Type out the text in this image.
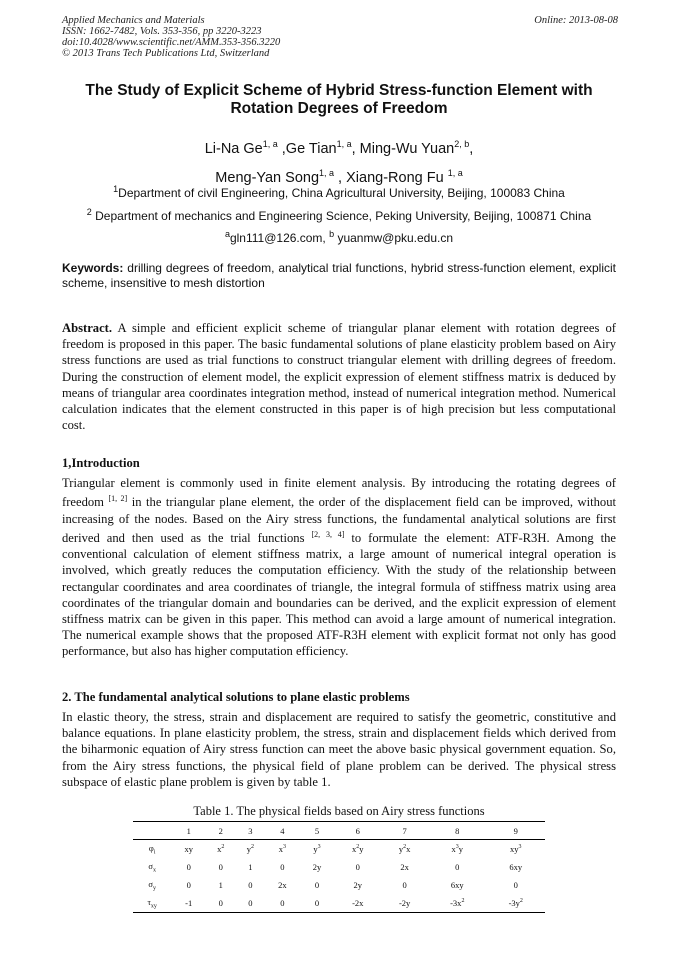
Applied Mechanics and Materials
ISSN: 1662-7482, Vols. 353-356, pp 3220-3223
doi:10.4028/www.scientific.net/AMM.353-356.3220
© 2013 Trans Tech Publications Ltd, Switzerland
Online: 2013-08-08
The Study of Explicit Scheme of Hybrid Stress-function Element with
Rotation Degrees of Freedom
Li-Na Ge$^{1, a}$ ,Ge Tian$^{1, a}$, Ming-Wu Yuan$^{2, b}$,
Meng-Yan Song$^{1, a}$ , Xiang-Rong Fu $^{1, a}$
$^1$Department of civil Engineering, China Agricultural University, Beijing, 100083 China
$^2$ Department of mechanics and Engineering Science, Peking University, Beijing, 100871 China
$^a$gln111@126.com, $^b$ yuanmw@pku.edu.cn
Keywords: drilling degrees of freedom, analytical trial functions, hybrid stress-function element, explicit scheme, insensitive to mesh distortion
Abstract. A simple and efficient explicit scheme of triangular planar element with rotation degrees of freedom is proposed in this paper. The basic fundamental solutions of plane elasticity problem based on Airy stress functions are used as trial functions to construct triangular element with drilling degrees of freedom. During the construction of element model, the explicit expression of element stiffness matrix is deduced by means of triangular area coordinates integration method, instead of numerical integration method. Numerical calculation indicates that the element constructed in this paper is of high precision but less computational cost.
1,Introduction
Triangular element is commonly used in finite element analysis. By introducing the rotating degrees of freedom [1, 2] in the triangular plane element, the order of the displacement field can be improved, without increasing of the nodes. Based on the Airy stress functions, the fundamental analytical solutions are first derived and then used as the trial functions [2, 3, 4] to formulate the element: ATF-R3H. Among the conventional calculation of element stiffness matrix, a large amount of numerical integral operation is involved, which greatly reduces the computation efficiency. With the study of the relationship between rectangular coordinates and area coordinates of triangle, the integral formula of stiffness matrix using area coordinates of the triangular domain and boundaries can be derived, and the explicit expression of element stiffness matrix can be given in this paper. This method can avoid a large amount of numerical integration. The numerical example shows that the proposed ATF-R3H element with explicit format not only has good performance, but also has higher computation efficiency.
2. The fundamental analytical solutions to plane elastic problems
In elastic theory, the stress, strain and displacement are required to satisfy the geometric, constitutive and balance equations. In plane elasticity problem, the stress, strain and displacement fields which derived from the biharmonic equation of Airy stress function can meet the above basic physical government equation. So, from the Airy stress functions, the physical field of plane problem can be derived. The physical stress subspace of elastic plane problem is given by table 1.
Table 1. The physical fields based on Airy stress functions
	1	2	3	4	5	6	7	8	9
$\varphi_i$	xy	$x^2$	$y^2$	$x^3$	$y^3$	$x^2y$	$y^2x$	$x^3y$	$xy^3$
$\sigma_x$	0	0	1	0	2y	0	2x	0	6xy
$\sigma_y$	0	1	0	2x	0	2y	0	6xy	0
$\tau_{xy}$	-1	0	0	0	0	-2x	-2y	$-3x^2$	$-3y^2$
